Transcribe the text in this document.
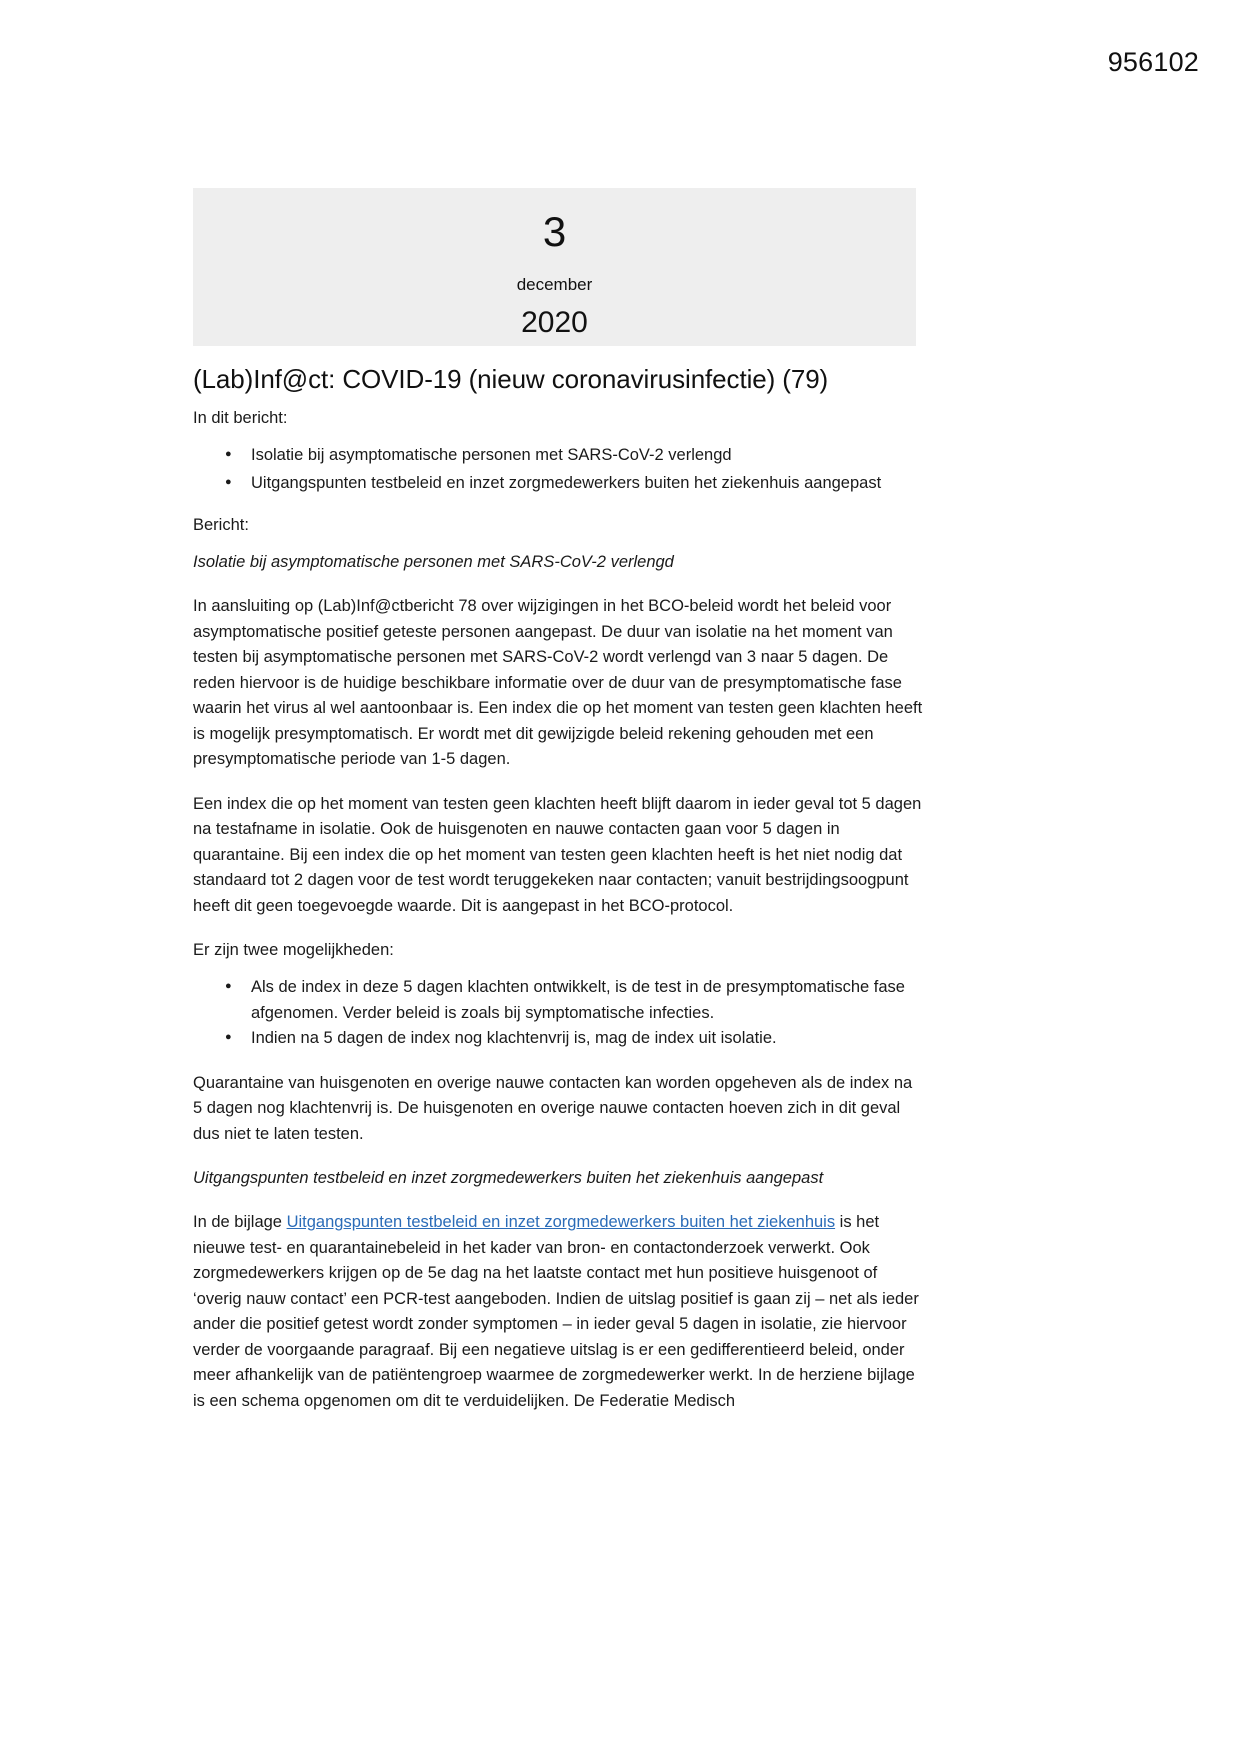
956102
3
december
2020
(Lab)Inf@ct: COVID-19 (nieuw coronavirusinfectie) (79)

In dit bericht:

● Isolatie bij asymptomatische personen met SARS-CoV-2 verlengd
● Uitgangspunten testbeleid en inzet zorgmedewerkers buiten het ziekenhuis aangepast

Bericht:

Isolatie bij asymptomatische personen met SARS-CoV-2 verlengd

In aansluiting op (Lab)Inf@ctbericht 78 over wijzigingen in het BCO-beleid wordt het beleid voor asymptomatische positief geteste personen aangepast. De duur van isolatie na het moment van testen bij asymptomatische personen met SARS-CoV-2 wordt verlengd van 3 naar 5 dagen. De reden hiervoor is de huidige beschikbare informatie over de duur van de presymptomatische fase waarin het virus al wel aantoonbaar is. Een index die op het moment van testen geen klachten heeft is mogelijk presymptomatisch. Er wordt met dit gewijzigde beleid rekening gehouden met een presymptomatische periode van 1-5 dagen.

Een index die op het moment van testen geen klachten heeft blijft daarom in ieder geval tot 5 dagen na testafname in isolatie. Ook de huisgenoten en nauwe contacten gaan voor 5 dagen in quarantaine. Bij een index die op het moment van testen geen klachten heeft is het niet nodig dat standaard tot 2 dagen voor de test wordt teruggekeken naar contacten; vanuit bestrijdingsoogpunt heeft dit geen toegevoegde waarde. Dit is aangepast in het BCO-protocol.

Er zijn twee mogelijkheden:

● Als de index in deze 5 dagen klachten ontwikkelt, is de test in de presymptomatische fase afgenomen. Verder beleid is zoals bij symptomatische infecties.
● Indien na 5 dagen de index nog klachtenvrij is, mag de index uit isolatie.

Quarantaine van huisgenoten en overige nauwe contacten kan worden opgeheven als de index na 5 dagen nog klachtenvrij is. De huisgenoten en overige nauwe contacten hoeven zich in dit geval dus niet te laten testen.

Uitgangspunten testbeleid en inzet zorgmedewerkers buiten het ziekenhuis aangepast

In de bijlage Uitgangspunten testbeleid en inzet zorgmedewerkers buiten het ziekenhuis is het nieuwe test- en quarantainebeleid in het kader van bron- en contactonderzoek verwerkt. Ook zorgmedewerkers krijgen op de 5e dag na het laatste contact met hun positieve huisgenoot of ‘overig nauw contact’ een PCR-test aangeboden. Indien de uitslag positief is gaan zij – net als ieder ander die positief getest wordt zonder symptomen – in ieder geval 5 dagen in isolatie, zie hiervoor verder de voorgaande paragraaf. Bij een negatieve uitslag is er een gedifferentieerd beleid, onder meer afhankelijk van de patiëntengroep waarmee de zorgmedewerker werkt. In de herziene bijlage is een schema opgenomen om dit te verduidelijken. De Federatie Medisch
